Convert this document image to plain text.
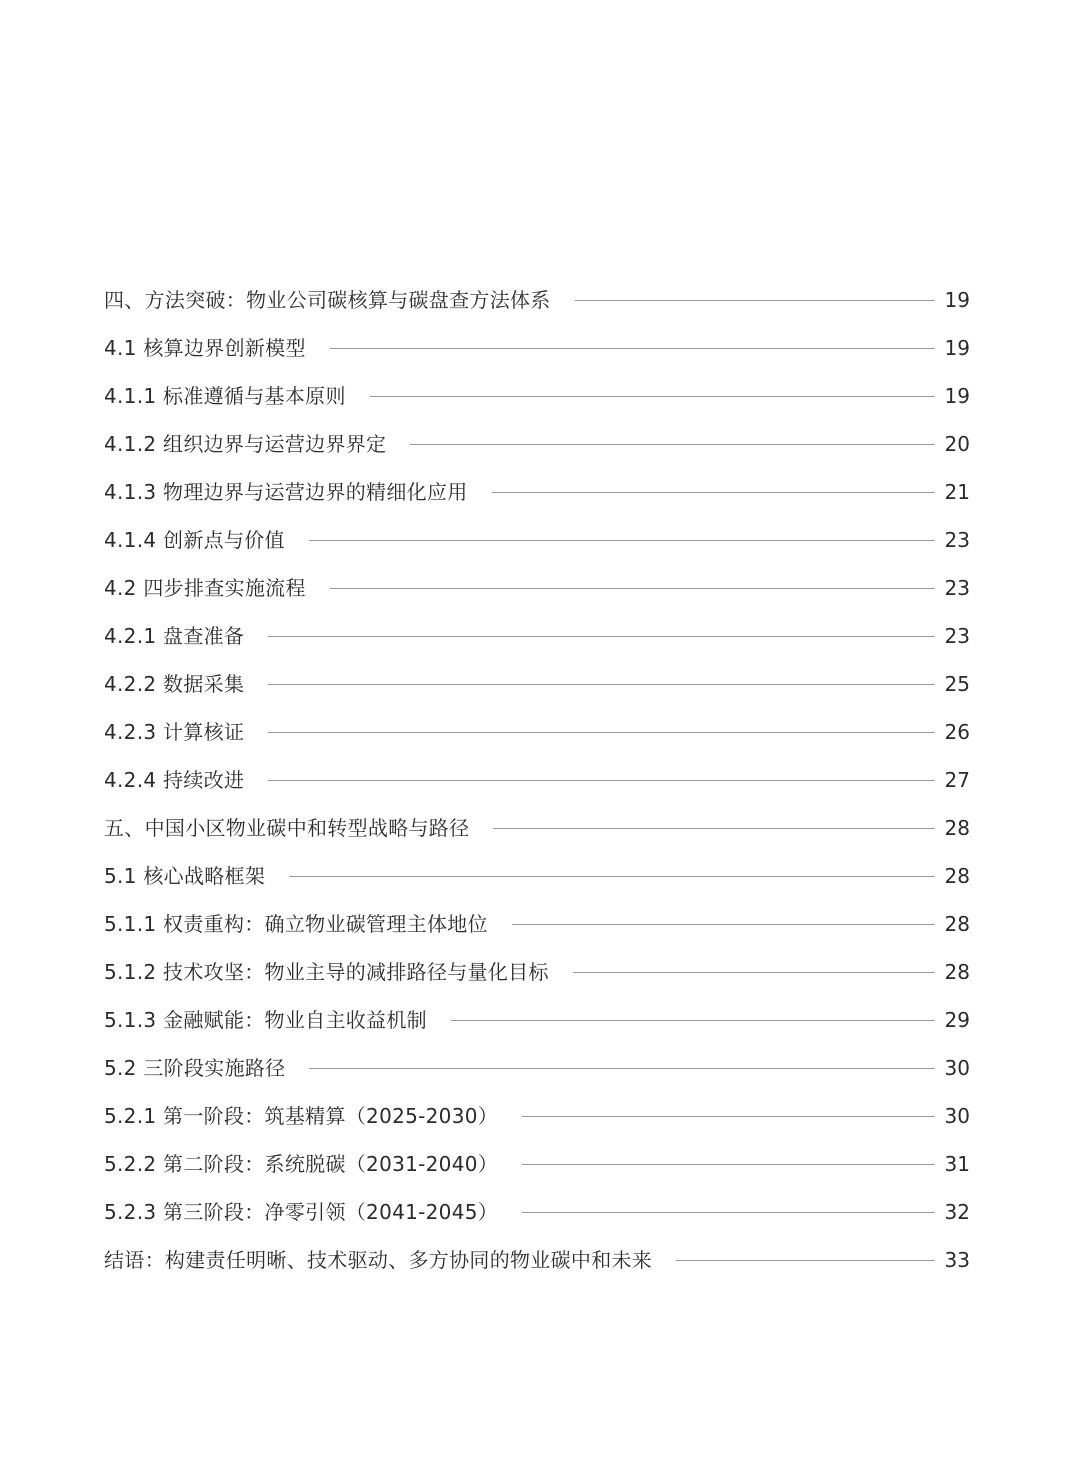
四、方法突破：物业公司碳核算与碳盘查方法体系	19
4.1 核算边界创新模型	19
4.1.1 标准遵循与基本原则	19
4.1.2 组织边界与运营边界界定	20
4.1.3 物理边界与运营边界的精细化应用	21
4.1.4 创新点与价值	23
4.2 四步排查实施流程	23
4.2.1 盘查准备	23
4.2.2 数据采集	25
4.2.3 计算核证	26
4.2.4 持续改进	27
五、中国小区物业碳中和转型战略与路径	28
5.1 核心战略框架	28
5.1.1 权责重构：确立物业碳管理主体地位	28
5.1.2 技术攻坚：物业主导的减排路径与量化目标	28
5.1.3 金融赋能：物业自主收益机制	29
5.2 三阶段实施路径	30
5.2.1 第一阶段：筑基精算（2025-2030）	30
5.2.2 第二阶段：系统脱碳（2031-2040）	31
5.2.3 第三阶段：净零引领（2041-2045）	32
结语：构建责任明晰、技术驱动、多方协同的物业碳中和未来	33
